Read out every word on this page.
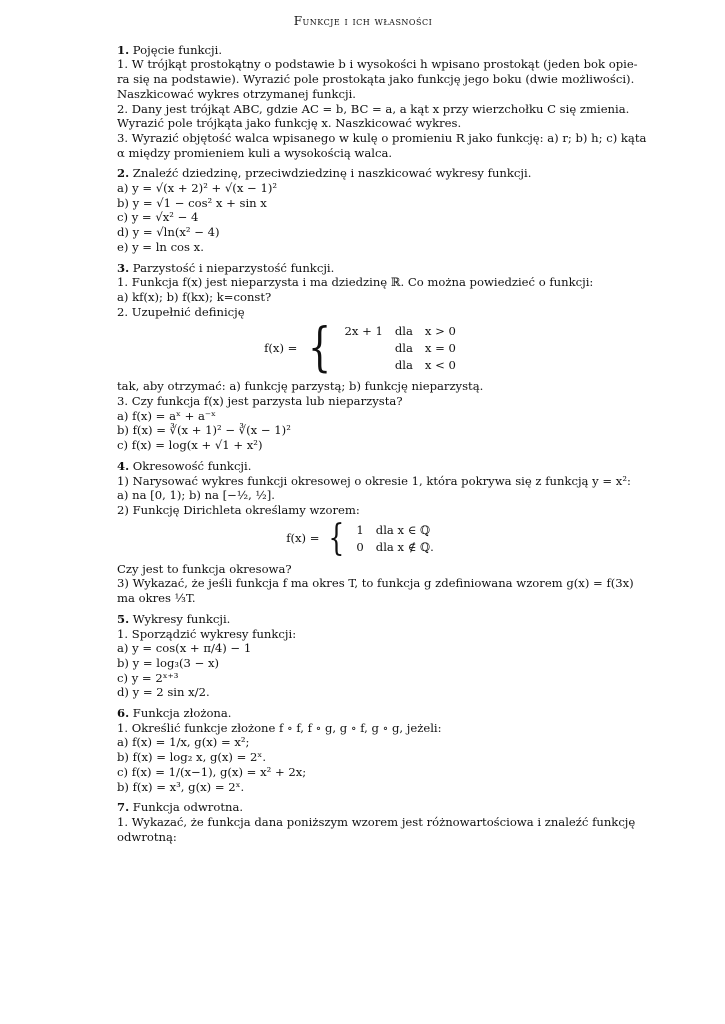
Funkcje i ich własności
1. Pojęcie funkcji.
1. W trójkąt prostokątny o podstawie b i wysokości h wpisano prostokąt (jeden bok opie-
ra się na podstawie). Wyrazić pole prostokąta jako funkcję jego boku (dwie możliwości).
Naszkicować wykres otrzymanej funkcji.
2. Dany jest trójkąt ABC, gdzie AC = b, BC = a, a kąt x przy wierzchołku C się zmienia.
Wyrazić pole trójkąta jako funkcję x. Naszkicować wykres.
3. Wyrazić objętość walca wpisanego w kulę o promieniu R jako funkcję: a) r; b) h; c) kąta
α między promieniem kuli a wysokością walca.
2. Znaleźć dziedzinę, przeciwdziedzinę i naszkicować wykresy funkcji.
a) y = √(x + 2)² + √(x − 1)²
b) y = √1 − cos² x + sin x
c) y = √x² − 4
d) y = √ln(x² − 4)
e) y = ln cos x.
3. Parzystość i nieparzystość funkcji.
1. Funkcja f(x) jest nieparzysta i ma dziedzinę ℝ. Co można powiedzieć o funkcji:
a) kf(x); b) f(kx); k=const?
2. Uzupełnić definicję
f(x) = { 2x + 1	dla	x > 0
	dla	x = 0
	dla	x < 0
tak, aby otrzymać: a) funkcję parzystą; b) funkcję nieparzystą.
3. Czy funkcja f(x) jest parzysta lub nieparzysta?
a) f(x) = aˣ + a⁻ˣ
b) f(x) = ∛(x + 1)² − ∛(x − 1)²
c) f(x) = log(x + √1 + x²)
4. Okresowość funkcji.
1) Narysować wykres funkcji okresowej o okresie 1, która pokrywa się z funkcją y = x²:
a) na [0, 1); b) na [−½, ½].
2) Funkcję Dirichleta określamy wzorem:
f(x) = { 1	dla x ∈ ℚ
0	dla x ∉ ℚ.
Czy jest to funkcja okresowa?
3) Wykazać, że jeśli funkcja f ma okres T, to funkcja g zdefiniowana wzorem g(x) = f(3x)
ma okres ⅓T.
5. Wykresy funkcji.
1. Sporządzić wykresy funkcji:
a) y = cos(x + π/4) − 1
b) y = log₃(3 − x)
c) y = 2ˣ⁺³
d) y = 2 sin x/2.
6. Funkcja złożona.
1. Określić funkcje złożone f ∘ f, f ∘ g, g ∘ f, g ∘ g, jeżeli:
a) f(x) = 1/x, g(x) = x²;
b) f(x) = log₂ x, g(x) = 2ˣ.
c) f(x) = 1/(x−1), g(x) = x² + 2x;
b) f(x) = x³, g(x) = 2ˣ.
7. Funkcja odwrotna.
1. Wykazać, że funkcja dana poniższym wzorem jest różnowartościowa i znaleźć funkcję
odwrotną:
